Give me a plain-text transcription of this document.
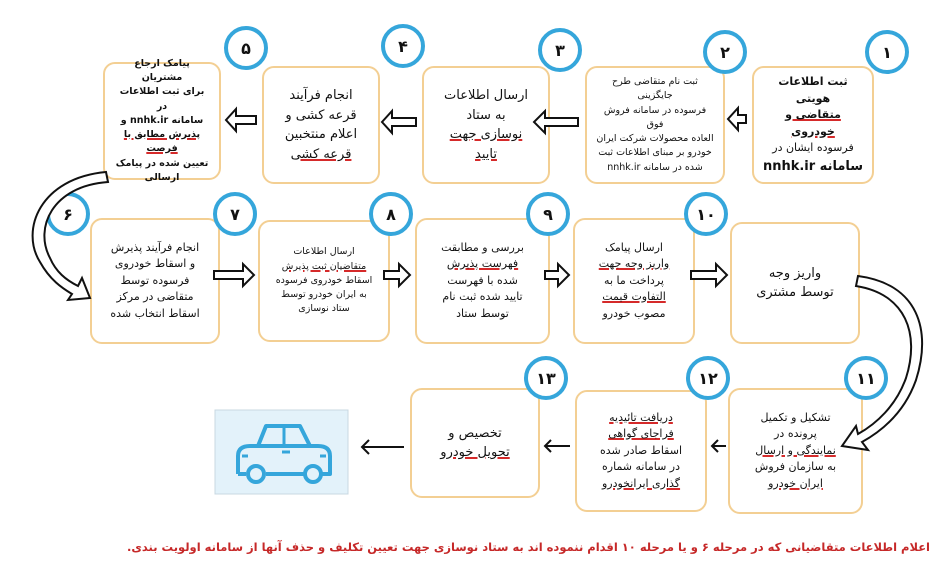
ثبت اطلاعات هویتی
متقاضی و خودروی
فرسوده ایشان در
سامانه nnhk.ir
ثبت نام متقاضی طرح جایگزینی
فرسوده در سامانه فروش فوق
العاده محصولات شرکت ایران
خودرو بر مبنای اطلاعات ثبت
شده در سامانه nnhk.ir
ارسال اطلاعات
به ستاد
نوسازی جهت
تایید
انجام فرآیند
قرعه کشی و
اعلام منتخبین
قرعه کشی
پیامک ارجاع مشتریان
برای ثبت اطلاعات در
سامانه nnhk.ir و
پذیرش مطابق با فرصت
تعیین شده در پیامک
ارسالی
انجام فرآیند پذیرش
و اسقاط خودروی
فرسوده توسط
متقاضی در مرکز
اسقاط انتخاب شده
ارسال اطلاعات
متقاضیان ثبت پذیرش
اسقاط خودروی فرسوده
به ایران خودرو توسط
ستاد نوسازی
بررسی و مطابقت
فهرست پذیرش
شده با فهرست
تایید شده ثبت نام
توسط ستاد
ارسال پیامک
واریز وجه جهت
پرداخت ما به
التفاوت قیمت
مصوب خودرو
واریز وجه
توسط مشتری
تشکیل و تکمیل
پرونده در
نمایندگی و ارسال
به سازمان فروش
ایران خودرو
دریافت تائیدیه
فراجای گواهی
اسقاط صادر شده
در سامانه شماره
گذاری ایرانخودرو
تخصیص و
تحویل خودرو
۱
۲
۳
۴
۵
۶	۷	۸	۹	۱۰
۱۱
۱۲
۱۳
اعلام اطلاعات متقاضیانی که در مرحله ۶ و یا مرحله ۱۰ اقدام ننموده اند به ستاد نوسازی جهت تعیین تکلیف و حذف آنها از سامانه اولویت بندی.
